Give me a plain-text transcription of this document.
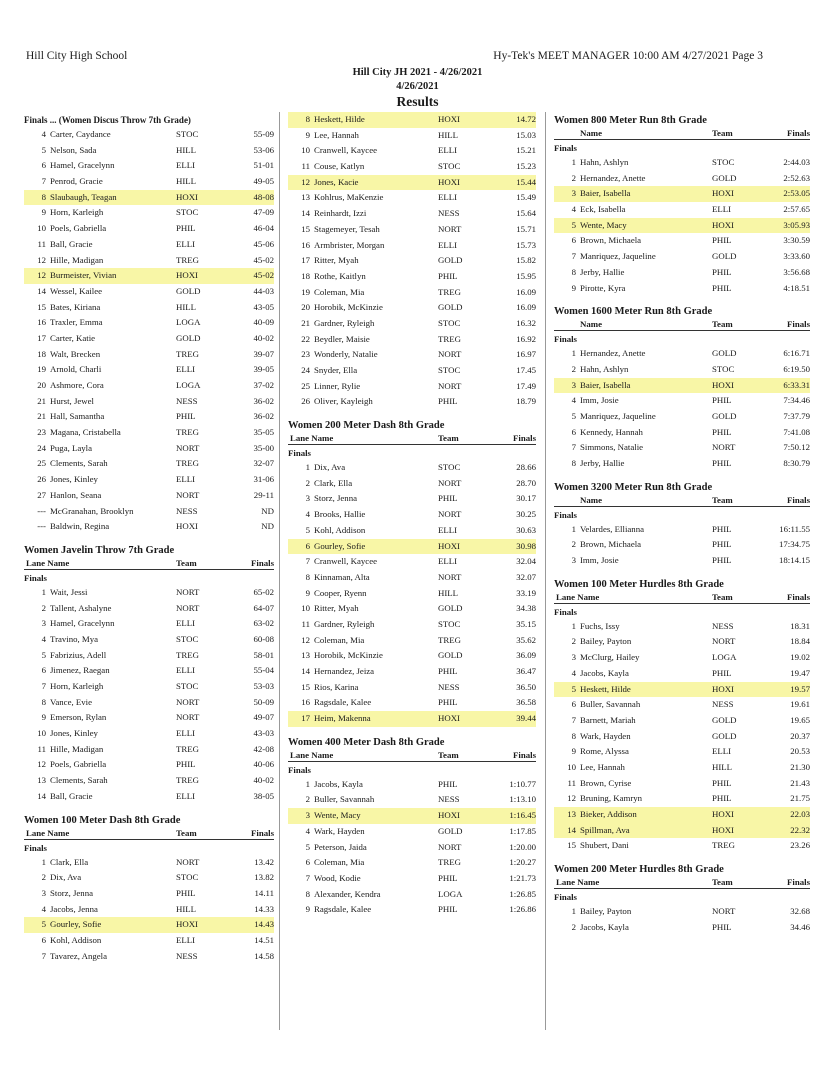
Hill City High School	Hy-Tek's MEET MANAGER 10:00 AM 4/27/2021 Page 3
Hill City JH 2021 - 4/26/2021
4/26/2021
Results
Finals ... (Women Discus Throw 7th Grade)
4 Carter, Caydance	STOC	55-09
5 Nelson, Sada	HILL	53-06
6 Hamel, Gracelynn	ELLI	51-01
7 Penrod, Gracie	HILL	49-05
8 Slaubaugh, Teagan	HOXI	48-08
9 Horn, Karleigh	STOC	47-09
10 Poels, Gabriella	PHIL	46-04
11 Ball, Gracie	ELLI	45-06
12 Hille, Madigan	TREG	45-02
12 Burmeister, Vivian	HOXI	45-02
14 Wessel, Kailee	GOLD	44-03
15 Bates, Kiriana	HILL	43-05
16 Traxler, Emma	LOGA	40-09
17 Carter, Katie	GOLD	40-02
18 Walt, Brecken	TREG	39-07
19 Arnold, Charli	ELLI	39-05
20 Ashmore, Cora	LOGA	37-02
21 Hurst, Jewel	NESS	36-02
21 Hall, Samantha	PHIL	36-02
23 Magana, Cristabella	TREG	35-05
24 Puga, Layla	NORT	35-00
25 Clements, Sarah	TREG	32-07
26 Jones, Kinley	ELLI	31-06
27 Hanlon, Seana	NORT	29-11
--- McGranahan, Brooklyn	NESS	ND
--- Baldwin, Regina	HOXI	ND
Women Javelin Throw 7th Grade
Lane Name	Team	Finals
Finals
1 Wait, Jessi	NORT	65-02
2 Tallent, Ashalyne	NORT	64-07
3 Hamel, Gracelynn	ELLI	63-02
4 Travino, Mya	STOC	60-08
5 Fabrizius, Adell	TREG	58-01
6 Jimenez, Raegan	ELLI	55-04
7 Horn, Karleigh	STOC	53-03
8 Vance, Evie	NORT	50-09
9 Emerson, Rylan	NORT	49-07
10 Jones, Kinley	ELLI	43-03
11 Hille, Madigan	TREG	42-08
12 Poels, Gabriella	PHIL	40-06
13 Clements, Sarah	TREG	40-02
14 Ball, Gracie	ELLI	38-05
Women 100 Meter Dash 8th Grade
Lane Name	Team	Finals
Finals
1 Clark, Ella	NORT	13.42
2 Dix, Ava	STOC	13.82
3 Storz, Jenna	PHIL	14.11
4 Jacobs, Jenna	HILL	14.33
5 Gourley, Sofie	HOXI	14.43
6 Kohl, Addison	ELLI	14.51
7 Tavarez, Angela	NESS	14.58
8 Heskett, Hilde	HOXI	14.72
9 Lee, Hannah	HILL	15.03
10 Cranwell, Kaycee	ELLI	15.21
11 Couse, Katlyn	STOC	15.23
12 Jones, Kacie	HOXI	15.44
13 Kohlrus, MaKenzie	ELLI	15.49
14 Reinhardt, Izzi	NESS	15.64
15 Stagemeyer, Tesah	NORT	15.71
16 Armbrister, Morgan	ELLI	15.73
17 Ritter, Myah	GOLD	15.82
18 Rothe, Kaitlyn	PHIL	15.95
19 Coleman, Mia	TREG	16.09
20 Horobik, McKinzie	GOLD	16.09
21 Gardner, Ryleigh	STOC	16.32
22 Beydler, Maisie	TREG	16.92
23 Wonderly, Natalie	NORT	16.97
24 Snyder, Ella	STOC	17.45
25 Linner, Rylie	NORT	17.49
26 Oliver, Kayleigh	PHIL	18.79
Women 200 Meter Dash 8th Grade
Lane Name	Team	Finals
Finals
1 Dix, Ava	STOC	28.66
2 Clark, Ella	NORT	28.70
3 Storz, Jenna	PHIL	30.17
4 Brooks, Hallie	NORT	30.25
5 Kohl, Addison	ELLI	30.63
6 Gourley, Sofie	HOXI	30.98
7 Cranwell, Kaycee	ELLI	32.04
8 Kinnaman, Alta	NORT	32.07
9 Cooper, Ryenn	HILL	33.19
10 Ritter, Myah	GOLD	34.38
11 Gardner, Ryleigh	STOC	35.15
12 Coleman, Mia	TREG	35.62
13 Horobik, McKinzie	GOLD	36.09
14 Hernandez, Jeiza	PHIL	36.47
15 Rios, Karina	NESS	36.50
16 Ragsdale, Kalee	PHIL	36.58
17 Heim, Makenna	HOXI	39.44
Women 400 Meter Dash 8th Grade
Lane Name	Team	Finals
Finals
1 Jacobs, Kayla	PHIL	1:10.77
2 Buller, Savannah	NESS	1:13.10
3 Wente, Macy	HOXI	1:16.45
4 Wark, Hayden	GOLD	1:17.85
5 Peterson, Jaida	NORT	1:20.00
6 Coleman, Mia	TREG	1:20.27
7 Wood, Kodie	PHIL	1:21.73
8 Alexander, Kendra	LOGA	1:26.85
9 Ragsdale, Kalee	PHIL	1:26.86
Women 800 Meter Run 8th Grade
Name	Team	Finals
Finals
1 Hahn, Ashlyn	STOC	2:44.03
2 Hernandez, Anette	GOLD	2:52.63
3 Baier, Isabella	HOXI	2:53.05
4 Eck, Isabella	ELLI	2:57.65
5 Wente, Macy	HOXI	3:05.93
6 Brown, Michaela	PHIL	3:30.59
7 Manriquez, Jaqueline	GOLD	3:33.60
8 Jerby, Hallie	PHIL	3:56.68
9 Pirotte, Kyra	PHIL	4:18.51
Women 1600 Meter Run 8th Grade
Name	Team	Finals
Finals
1 Hernandez, Anette	GOLD	6:16.71
2 Hahn, Ashlyn	STOC	6:19.50
3 Baier, Isabella	HOXI	6:33.31
4 Imm, Josie	PHIL	7:34.46
5 Manriquez, Jaqueline	GOLD	7:37.79
6 Kennedy, Hannah	PHIL	7:41.08
7 Simmons, Natalie	NORT	7:50.12
8 Jerby, Hallie	PHIL	8:30.79
Women 3200 Meter Run 8th Grade
Name	Team	Finals
Finals
1 Velardes, Ellianna	PHIL	16:11.55
2 Brown, Michaela	PHIL	17:34.75
3 Imm, Josie	PHIL	18:14.15
Women 100 Meter Hurdles 8th Grade
Lane Name	Team	Finals
Finals
1 Fuchs, Issy	NESS	18.31
2 Bailey, Payton	NORT	18.84
3 McClurg, Hailey	LOGA	19.02
4 Jacobs, Kayla	PHIL	19.47
5 Heskett, Hilde	HOXI	19.57
6 Buller, Savannah	NESS	19.61
7 Barnett, Mariah	GOLD	19.65
8 Wark, Hayden	GOLD	20.37
9 Rome, Alyssa	ELLI	20.53
10 Lee, Hannah	HILL	21.30
11 Brown, Cyrise	PHIL	21.43
12 Bruning, Kamryn	PHIL	21.75
13 Bieker, Addison	HOXI	22.03
14 Spillman, Ava	HOXI	22.32
15 Shubert, Dani	TREG	23.26
Women 200 Meter Hurdles 8th Grade
Lane Name	Team	Finals
Finals
1 Bailey, Payton	NORT	32.68
2 Jacobs, Kayla	PHIL	34.46
